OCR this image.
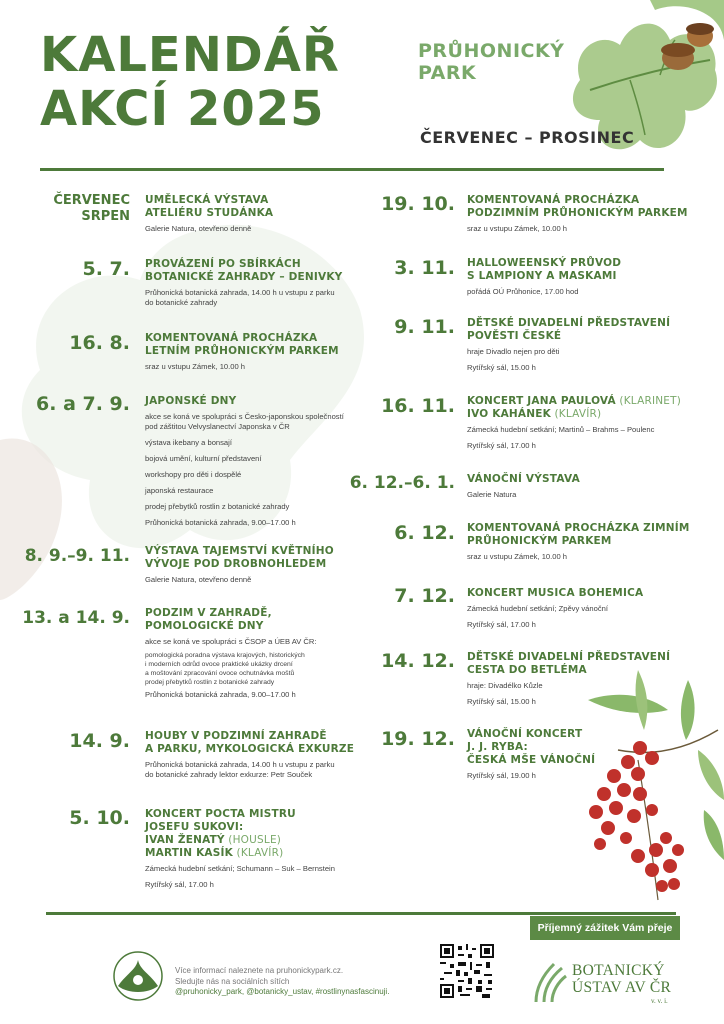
KALENDÁŘ
AKCÍ 2025
PRŮHONICKÝ
PARK
ČERVENEC – PROSINEC
ČERVENEC
SRPEN
UMĚLECKÁ VÝSTAVA
ATELIÉRU STUDÁNKA
Galerie Natura, otevřeno denně
5. 7. PROVÁZENÍ PO SBÍRKÁCH
BOTANICKÉ ZAHRADY – DENIVKY
Průhonická botanická zahrada, 14.00 h u vstupu z parku
do botanické zahrady
16. 8. KOMENTOVANÁ PROCHÁZKA
LETNÍM PRŮHONICKÝM PARKEM
sraz u vstupu Zámek, 10.00 h
6. a 7. 9. JAPONSKÉ DNY
akce se koná ve spolupráci s Česko-japonskou společností
pod záštitou Velvyslanectví Japonska v ČR
výstava ikebany a bonsají
bojová umění, kulturní představení
workshopy pro děti i dospělé
japonská restaurace
prodej přebytků rostlin z botanické zahrady
Průhonická botanická zahrada, 9.00–17.00 h
8. 9.–9. 11. VÝSTAVA TAJEMSTVÍ KVĚTNÍHO
VÝVOJE POD DROBNOHLEDEM
Galerie Natura, otevřeno denně
13. a 14. 9. PODZIM V ZAHRADĚ,
POMOLOGICKÉ DNY
akce se koná ve spolupráci s ČSOP a ÚEB AV ČR:
pomologická poradna výstava krajových, historických
i moderních odrůd ovoce praktické ukázky drcení
a moštování zpracování ovoce ochutnávka moštů
prodej přebytků rostlin z botanické zahrady
Průhonická botanická zahrada, 9.00–17.00 h
14. 9. HOUBY V PODZIMNÍ ZAHRADĚ
A PARKU, MYKOLOGICKÁ EXKURZE
Průhonická botanická zahrada, 14.00 h u vstupu z parku
do botanické zahrady lektor exkurze: Petr Souček
5. 10. KONCERT POCTA MISTRU
JOSEFU SUKOVI:
IVAN ŽENATÝ (HOUSLE)
MARTIN KASÍK (KLAVÍR)
Zámecká hudební setkání; Schumann – Suk – Bernstein
Rytířský sál, 17.00 h
19. 10. KOMENTOVANÁ PROCHÁZKA
PODZIMNÍM PRŮHONICKÝM PARKEM
sraz u vstupu Zámek, 10.00 h
3. 11. HALLOWEENSKÝ PRŮVOD
S LAMPIONY A MASKAMI
pořádá OÚ Průhonice, 17.00 hod
9. 11. DĚTSKÉ DIVADELNÍ PŘEDSTAVENÍ
POVĚSTI ČESKÉ
hraje Divadlo nejen pro děti
Rytířský sál, 15.00 h
16. 11. KONCERT JANA PAULOVÁ (KLARINET)
IVO KAHÁNEK (KLAVÍR)
Zámecká hudební setkání; Martinů – Brahms – Poulenc
Rytířský sál, 17.00 h
6. 12.–6. 1. VÁNOČNÍ VÝSTAVA
Galerie Natura
6. 12. KOMENTOVANÁ PROCHÁZKA ZIMNÍM
PRŮHONICKÝM PARKEM
sraz u vstupu Zámek, 10.00 h
7. 12. KONCERT MUSICA BOHEMICA
Zámecká hudební setkání; Zpěvy vánoční
Rytířský sál, 17.00 h
14. 12. DĚTSKÉ DIVADELNÍ PŘEDSTAVENÍ
CESTA DO BETLÉMA
hraje: Divadélko Kůzle
Rytířský sál, 15.00 h
19. 12. VÁNOČNÍ KONCERT
J. J. RYBA:
ČESKÁ MŠE VÁNOČNÍ
Rytířský sál, 19.00 h
Příjemný zážitek Vám přeje
Více informací naleznete na pruhonickypark.cz.
Sledujte nás na sociálních sítích
@pruhonicky_park, @botanicky_ustav, #rostlinynasfascinuji.
BOTANICKÝ
ÚSTAV AV ČR
v. v. i.
